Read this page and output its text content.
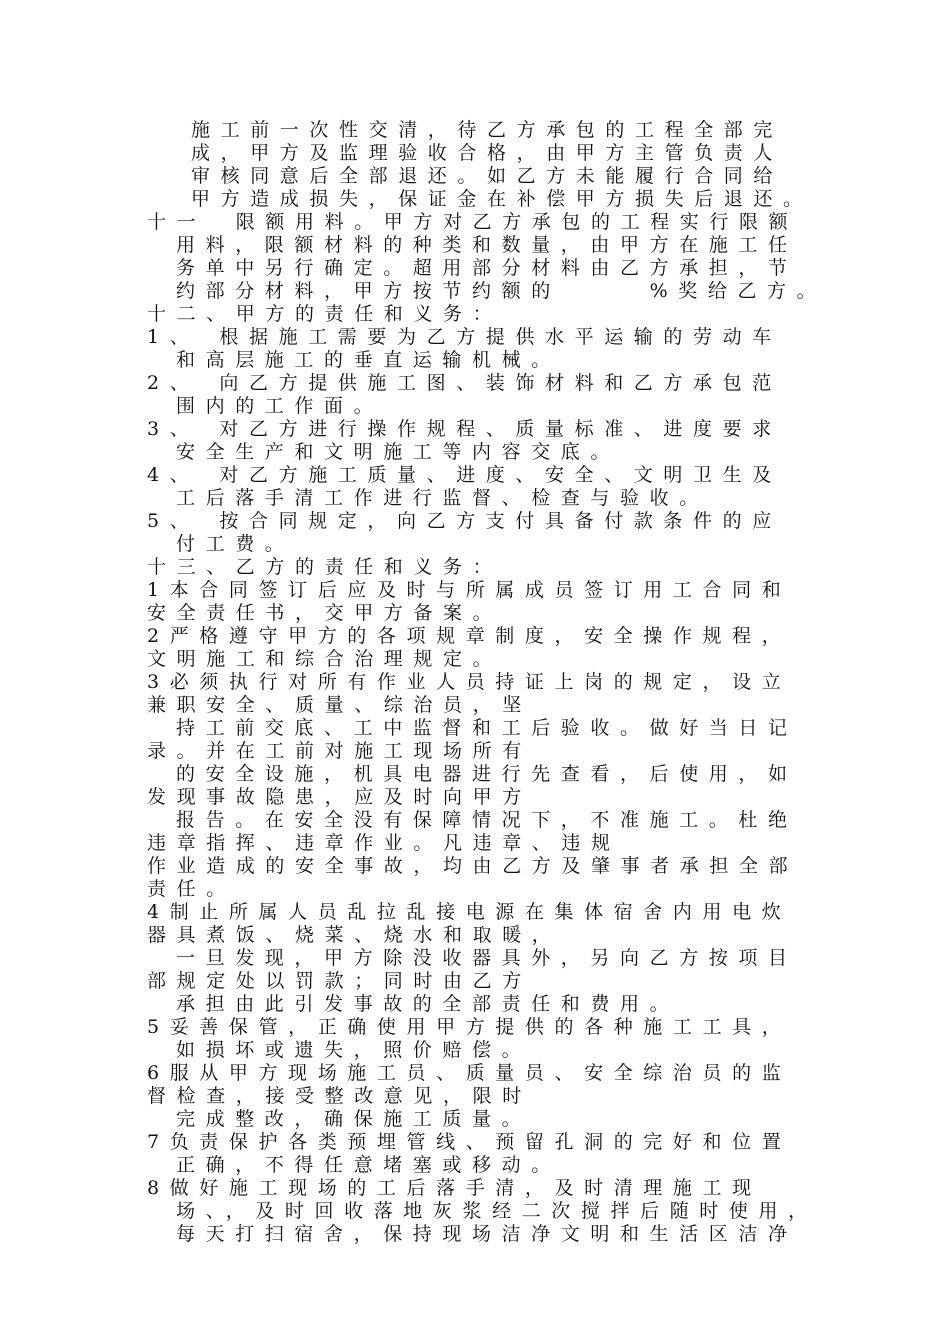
施工前一次性交清，待乙方承包的工程全部完
成，甲方及监理验收合格，由甲方主管负责人
审核同意后全部退还。如乙方未能履行合同给
甲方造成损失，保证金在补偿甲方损失后退还。
十一　限额用料。甲方对乙方承包的工程实行限额
用料，限额材料的种类和数量，由甲方在施工任
务单中另行确定。超用部分材料由乙方承担，节
约部分材料，甲方按节约额的　　　%奖给乙方。
十二、甲方的责任和义务：
1、　根据施工需要为乙方提供水平运输的劳动车
和高层施工的垂直运输机械。
2、　向乙方提供施工图、装饰材料和乙方承包范
围内的工作面。
3、　对乙方进行操作规程、质量标准、进度要求
安全生产和文明施工等内容交底。
4、　对乙方施工质量、进度、安全、文明卫生及
工后落手清工作进行监督、检查与验收。
5、　按合同规定，向乙方支付具备付款条件的应
付工费。
十三、乙方的责任和义务：
1本合同签订后应及时与所属成员签订用工合同和
安全责任书，交甲方备案。
2严格遵守甲方的各项规章制度，安全操作规程，
文明施工和综合治理规定。
3必须执行对所有作业人员持证上岗的规定，设立
兼职安全、质量、综治员，坚
持工前交底、工中监督和工后验收。做好当日记
录。并在工前对施工现场所有
的安全设施，机具电器进行先查看，后使用，如
发现事故隐患，应及时向甲方
报告。在安全没有保障情况下，不准施工。杜绝
违章指挥、违章作业。凡违章、违规
作业造成的安全事故，均由乙方及肇事者承担全部
责任。
4制止所属人员乱拉乱接电源在集体宿舍内用电炊
器具煮饭、烧菜、烧水和取暖，
一旦发现，甲方除没收器具外，另向乙方按项目
部规定处以罚款；同时由乙方
承担由此引发事故的全部责任和费用。
5妥善保管，正确使用甲方提供的各种施工工具，
如损坏或遗失，照价赔偿。
6服从甲方现场施工员、质量员、安全综治员的监
督检查，接受整改意见，限时
完成整改，确保施工质量。
7负责保护各类预埋管线、预留孔洞的完好和位置
正确，不得任意堵塞或移动。
8做好施工现场的工后落手清，及时清理施工现
场、，及时回收落地灰浆经二次搅拌后随时使用，
每天打扫宿舍，保持现场洁净文明和生活区洁净
